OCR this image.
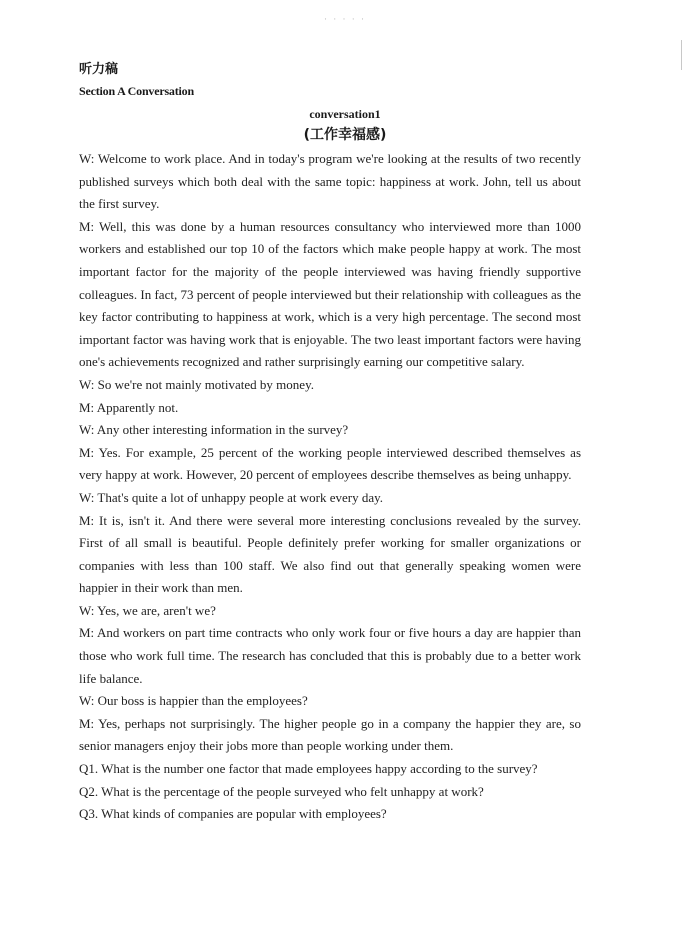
· · · · ·
听力稿
Section A Conversation
conversation1
(工作幸福感)

W: Welcome to work place. And in today's program we're looking at the results of two recently published surveys which both deal with the same topic: happiness at work. John, tell us about the first survey.

M: Well, this was done by a human resources consultancy who interviewed more than 1000 workers and established our top 10 of the factors which make people happy at work. The most important factor for the majority of the people interviewed was having friendly supportive colleagues. In fact, 73 percent of people interviewed but their relationship with colleagues as the key factor contributing to happiness at work, which is a very high percentage. The second most important factor was having work that is enjoyable. The two least important factors were having one's achievements recognized and rather surprisingly earning our competitive salary.

W: So we're not mainly motivated by money.

M: Apparently not.

W: Any other interesting information in the survey?

M: Yes. For example, 25 percent of the working people interviewed described themselves as very happy at work. However, 20 percent of employees describe themselves as being unhappy.

W: That's quite a lot of unhappy people at work every day.

M: It is, isn't it. And there were several more interesting conclusions revealed by the survey. First of all small is beautiful. People definitely prefer working for smaller organizations or companies with less than 100 staff. We also find out that generally speaking women were happier in their work than men.

W: Yes, we are, aren't we?

M: And workers on part time contracts who only work four or five hours a day are happier than those who work full time. The research has concluded that this is probably due to a better work life balance.

W: Our boss is happier than the employees?

M: Yes, perhaps not surprisingly. The higher people go in a company the happier they are, so senior managers enjoy their jobs more than people working under them.

Q1. What is the number one factor that made employees happy according to the survey?

Q2. What is the percentage of the people surveyed who felt unhappy at work?

Q3. What kinds of companies are popular with employees?
